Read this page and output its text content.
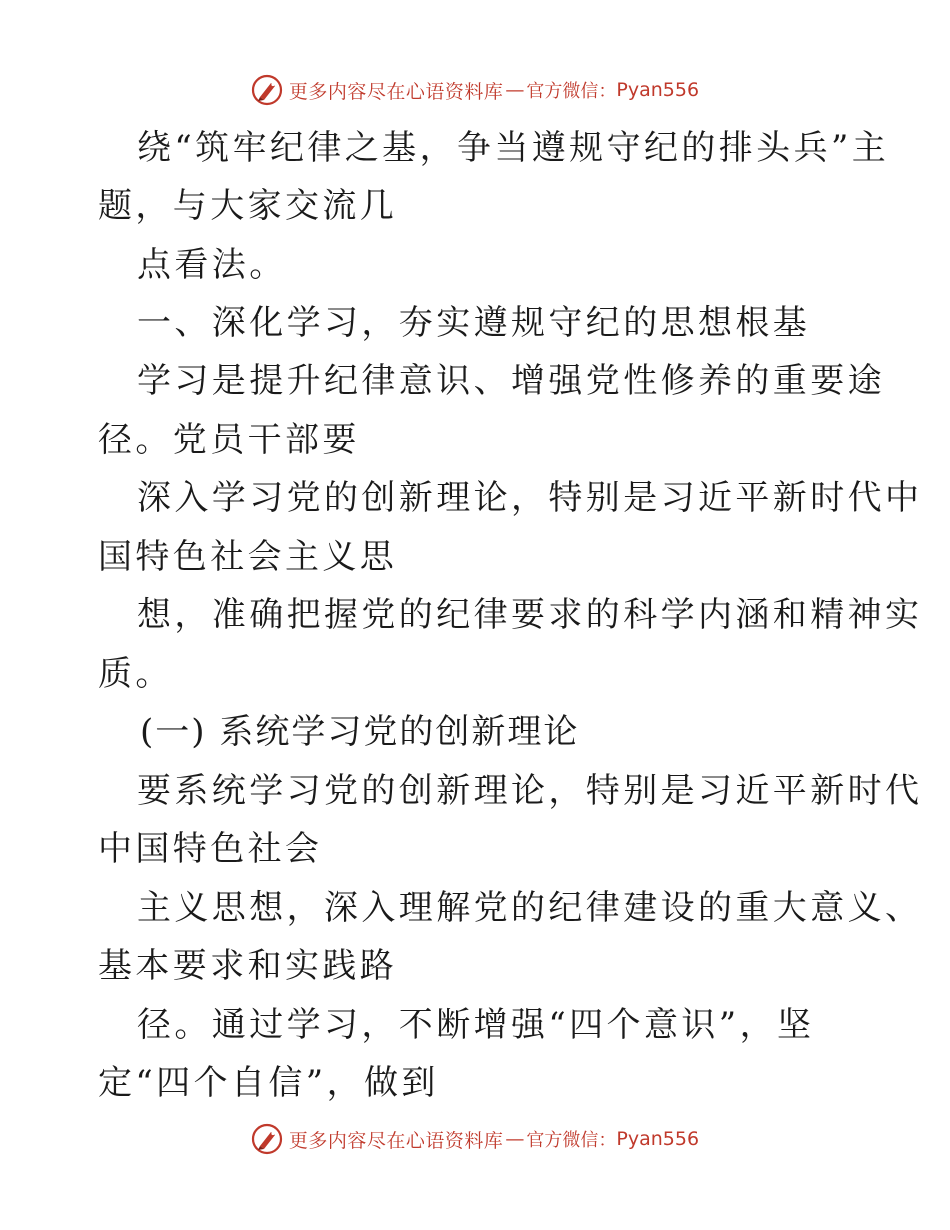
更多内容尽在心语资料库 — 官方微信： Pyan556
绕“筑牢纪律之基，争当遵规守纪的排头兵”主
题，与大家交流几
点看法。
一、深化学习，夯实遵规守纪的思想根基
学习是提升纪律意识、增强党性修养的重要途
径。党员干部要
深入学习党的创新理论，特别是习近平新时代中
国特色社会主义思
想，准确把握党的纪律要求的科学内涵和精神实
质。
(一) 系统学习党的创新理论
要系统学习党的创新理论，特别是习近平新时代
中国特色社会
主义思想，深入理解党的纪律建设的重大意义、
基本要求和实践路
径。通过学习，不断增强“四个意识”，坚
定“四个自信”，做到
更多内容尽在心语资料库 — 官方微信： Pyan556
